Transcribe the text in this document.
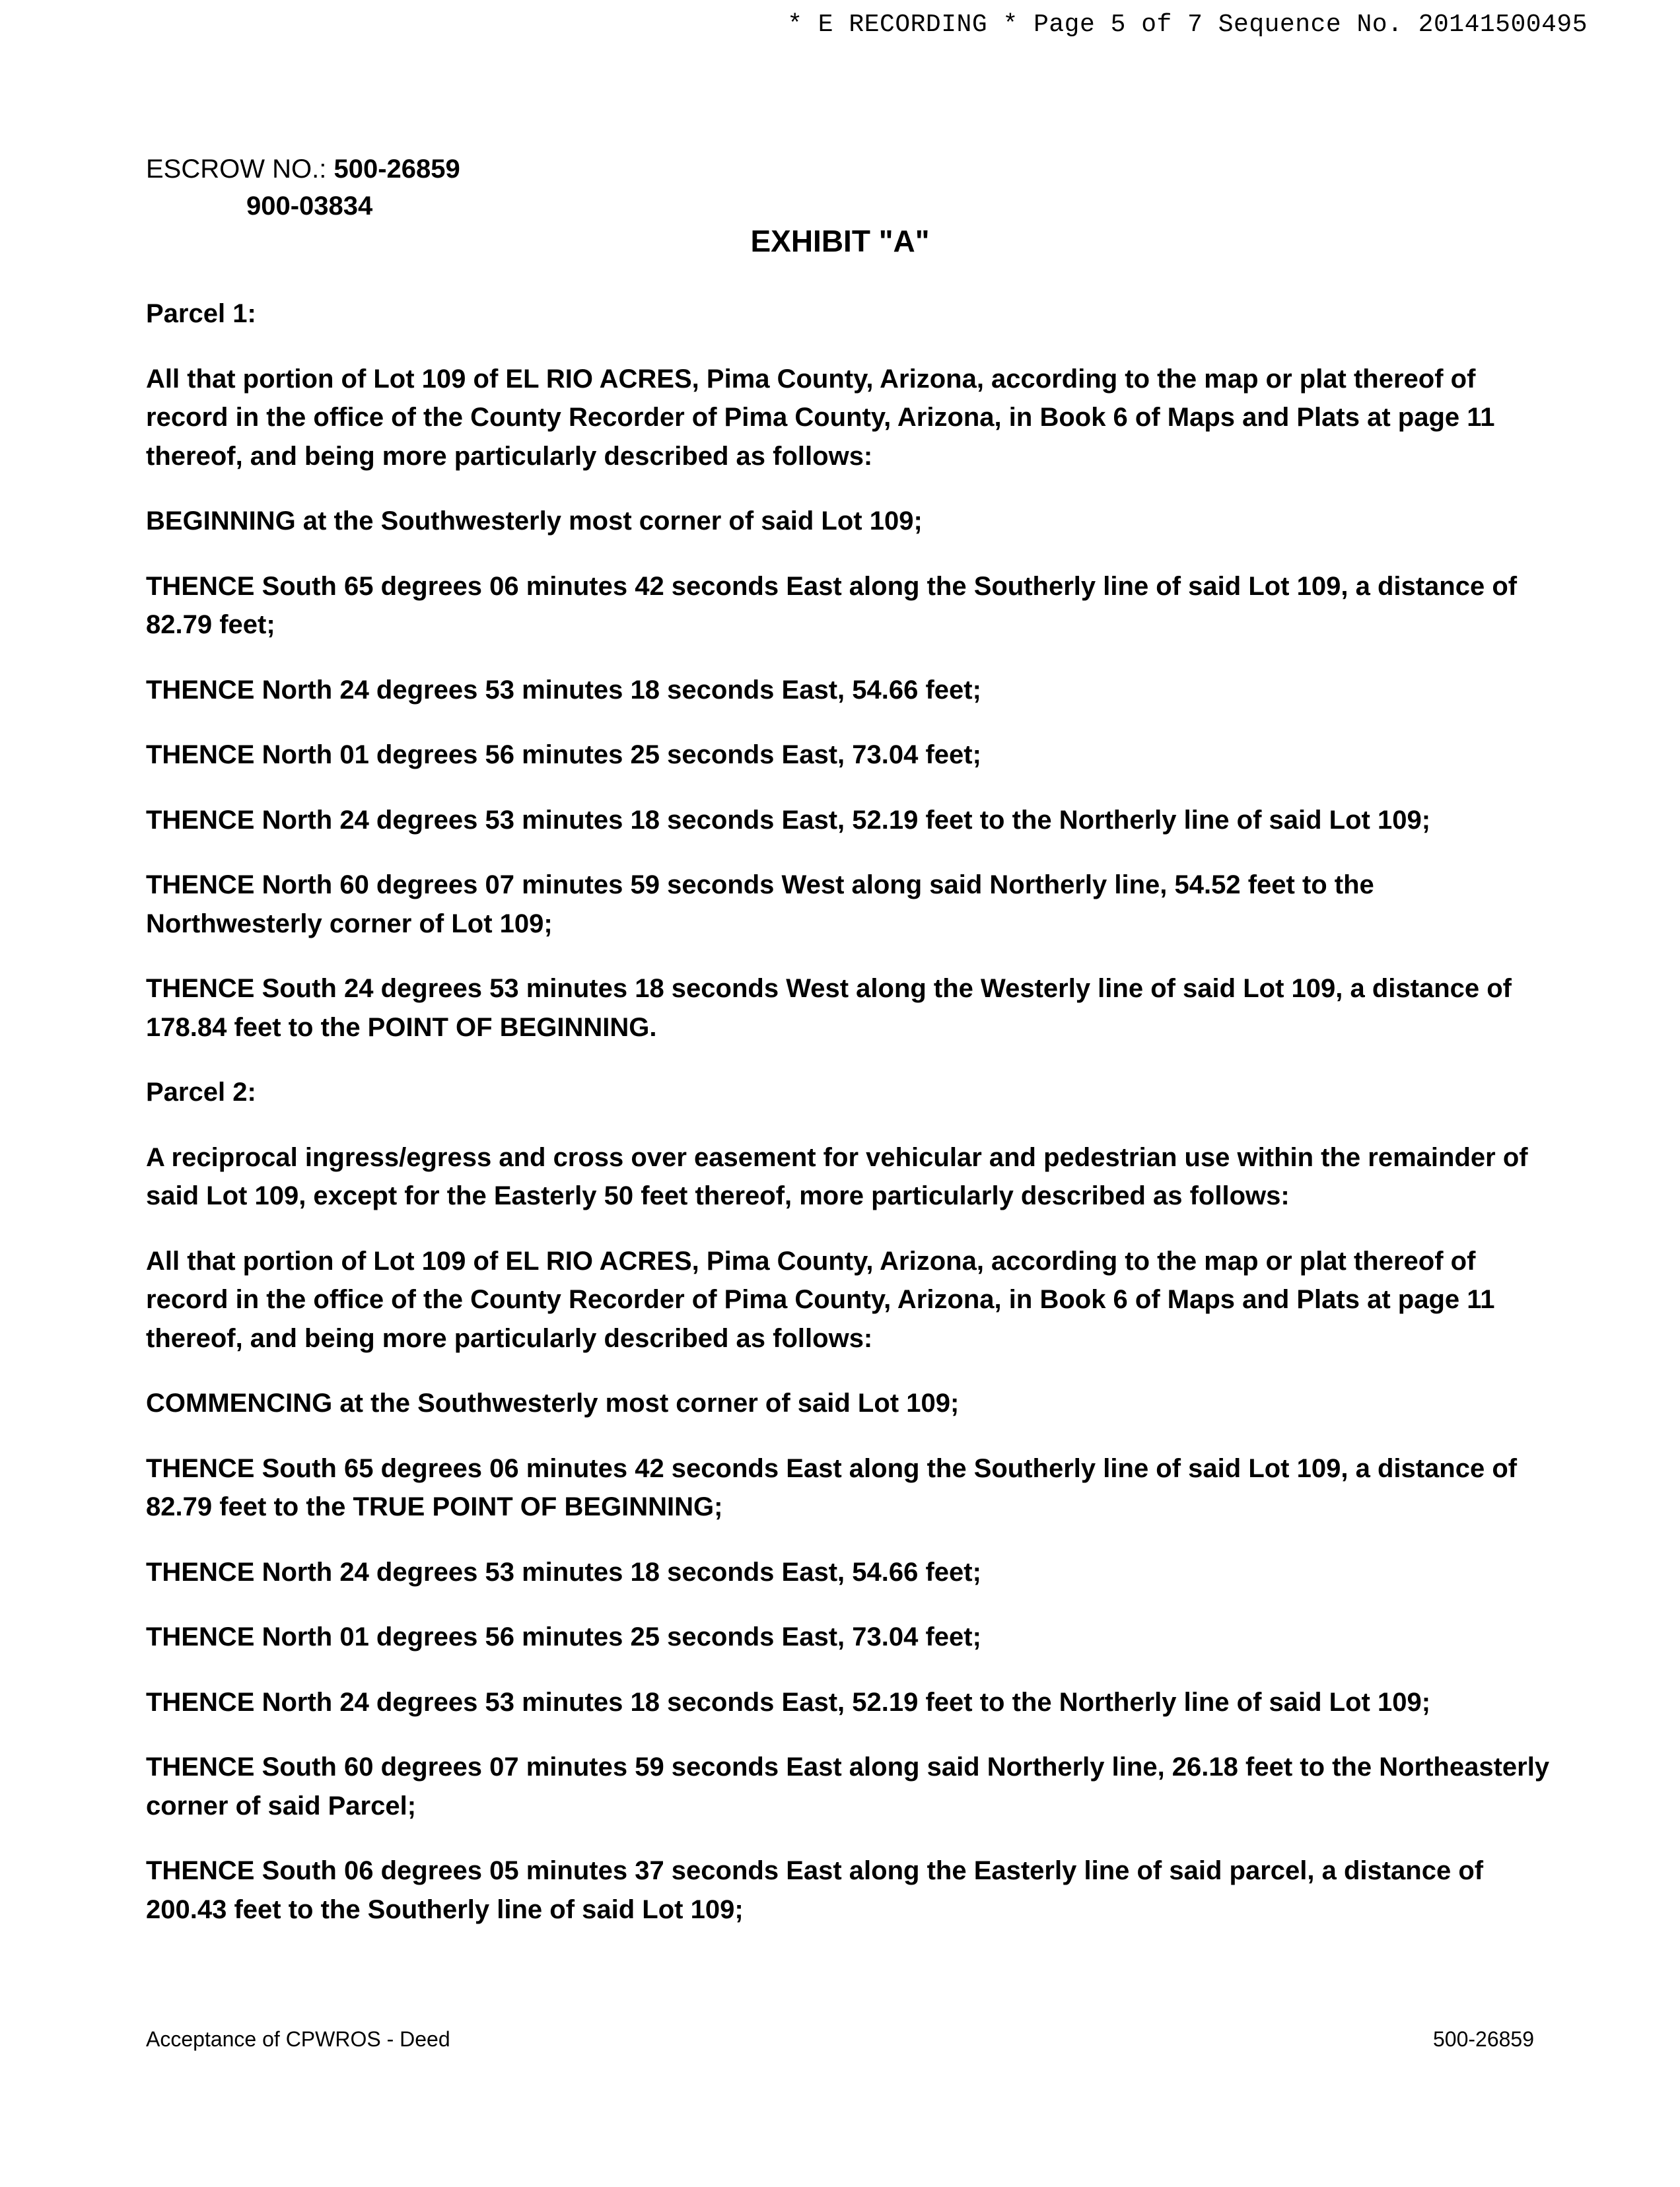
* E RECORDING * Page 5 of 7 Sequence No. 20141500495
ESCROW NO.: 500-26859
900-03834
EXHIBIT "A"

Parcel 1:

All that portion of Lot 109 of EL RIO ACRES, Pima County, Arizona, according to the map or plat thereof of record in the office of the County Recorder of Pima County, Arizona, in Book 6 of Maps and Plats at page 11 thereof, and being more particularly described as follows:

BEGINNING at the Southwesterly most corner of said Lot 109;

THENCE South 65 degrees 06 minutes 42 seconds East along the Southerly line of said Lot 109, a distance of 82.79 feet;

THENCE North 24 degrees 53 minutes 18 seconds East, 54.66 feet;

THENCE North 01 degrees 56 minutes 25 seconds East, 73.04 feet;

THENCE North 24 degrees 53 minutes 18 seconds East, 52.19 feet to the Northerly line of said Lot 109;

THENCE North 60 degrees 07 minutes 59 seconds West along said Northerly line, 54.52 feet to the Northwesterly corner of Lot 109;

THENCE South 24 degrees 53 minutes 18 seconds West along the Westerly line of said Lot 109, a distance of 178.84 feet to the POINT OF BEGINNING.

Parcel 2:

A reciprocal ingress/egress and cross over easement for vehicular and pedestrian use within the remainder of said Lot 109, except for the Easterly 50 feet thereof, more particularly described as follows:

All that portion of Lot 109 of EL RIO ACRES, Pima County, Arizona, according to the map or plat thereof of record in the office of the County Recorder of Pima County, Arizona, in Book 6 of Maps and Plats at page 11 thereof, and being more particularly described as follows:

COMMENCING at the Southwesterly most corner of said Lot 109;

THENCE South 65 degrees 06 minutes 42 seconds East along the Southerly line of said Lot 109, a distance of 82.79 feet to the TRUE POINT OF BEGINNING;

THENCE North 24 degrees 53 minutes 18 seconds East, 54.66 feet;

THENCE North 01 degrees 56 minutes 25 seconds East, 73.04 feet;

THENCE North 24 degrees 53 minutes 18 seconds East, 52.19 feet to the Northerly line of said Lot 109;

THENCE South 60 degrees 07 minutes 59 seconds East along said Northerly line, 26.18 feet to the Northeasterly corner of said Parcel;

THENCE South 06 degrees 05 minutes 37 seconds East along the Easterly line of said parcel, a distance of 200.43 feet to the Southerly line of said Lot 109;

Acceptance of CPWROS - Deed	500-26859
